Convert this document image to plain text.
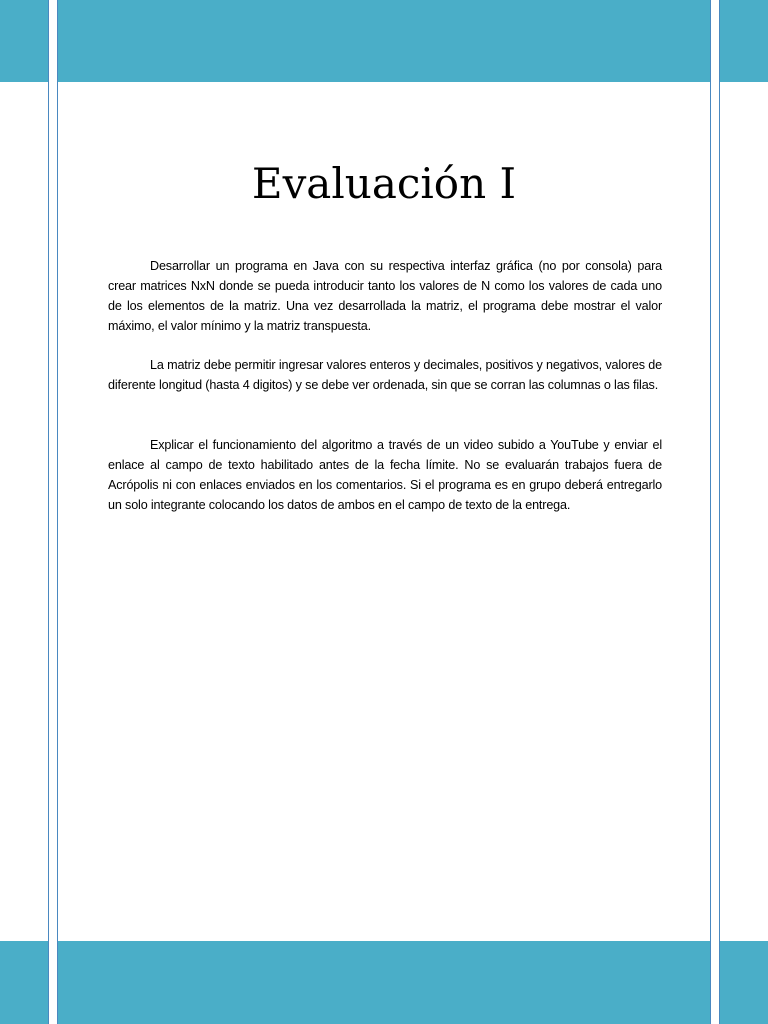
Evaluación I

Desarrollar un programa en Java con su respectiva interfaz gráfica (no por consola) para crear matrices NxN donde se pueda introducir tanto los valores de N como los valores de cada uno de los elementos de la matriz. Una vez desarrollada la matriz, el programa debe mostrar el valor máximo, el valor mínimo y la matriz transpuesta.

La matriz debe permitir ingresar valores enteros y decimales, positivos y negativos, valores de diferente longitud (hasta 4 digitos) y se debe ver ordenada, sin que se corran las columnas o las filas.

Explicar el funcionamiento del algoritmo a través de un video subido a YouTube y enviar el enlace al campo de texto habilitado antes de la fecha límite. No se evaluarán trabajos fuera de Acrópolis ni con enlaces enviados en los comentarios. Si el programa es en grupo deberá entregarlo un solo integrante colocando los datos de ambos en el campo de texto de la entrega.
